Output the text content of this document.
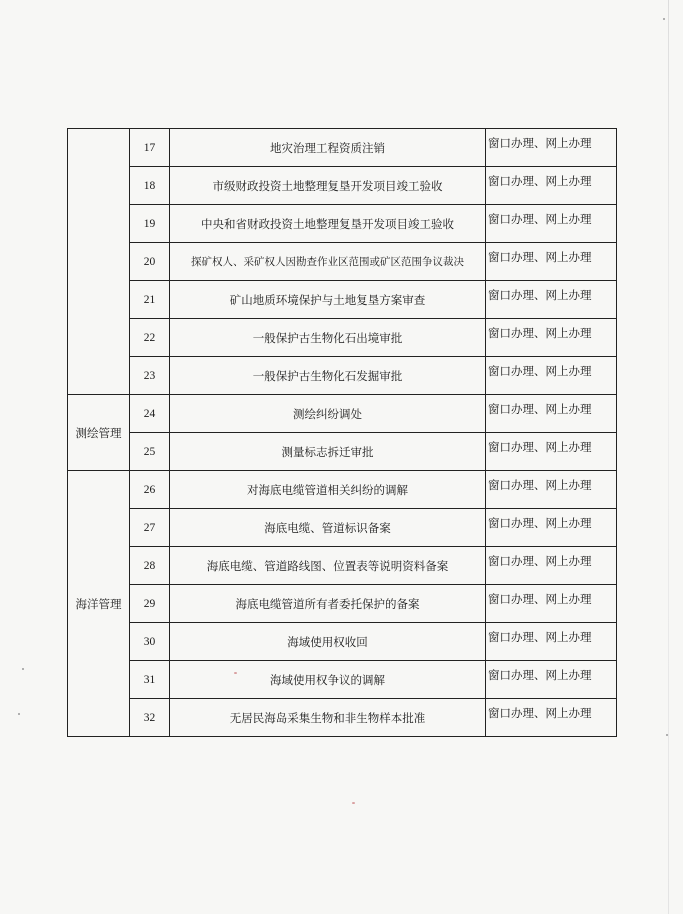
	17	地灾治理工程资质注销	窗口办理、网上办理
	18	市级财政投资土地整理复垦开发项目竣工验收	窗口办理、网上办理
	19	中央和省财政投资土地整理复垦开发项目竣工验收	窗口办理、网上办理
	20	探矿权人、采矿权人因勘查作业区范围或矿区范围争议裁决	窗口办理、网上办理
	21	矿山地质环境保护与土地复垦方案审查	窗口办理、网上办理
	22	一般保护古生物化石出境审批	窗口办理、网上办理
	23	一般保护古生物化石发掘审批	窗口办理、网上办理
测绘管理	24	测绘纠纷调处	窗口办理、网上办理
	25	测量标志拆迁审批	窗口办理、网上办理
海洋管理	26	对海底电缆管道相关纠纷的调解	窗口办理、网上办理
	27	海底电缆、管道标识备案	窗口办理、网上办理
	28	海底电缆、管道路线图、位置表等说明资料备案	窗口办理、网上办理
	29	海底电缆管道所有者委托保护的备案	窗口办理、网上办理
	30	海域使用权收回	窗口办理、网上办理
	31	海域使用权争议的调解	窗口办理、网上办理
	32	无居民海岛采集生物和非生物样本批准	窗口办理、网上办理
